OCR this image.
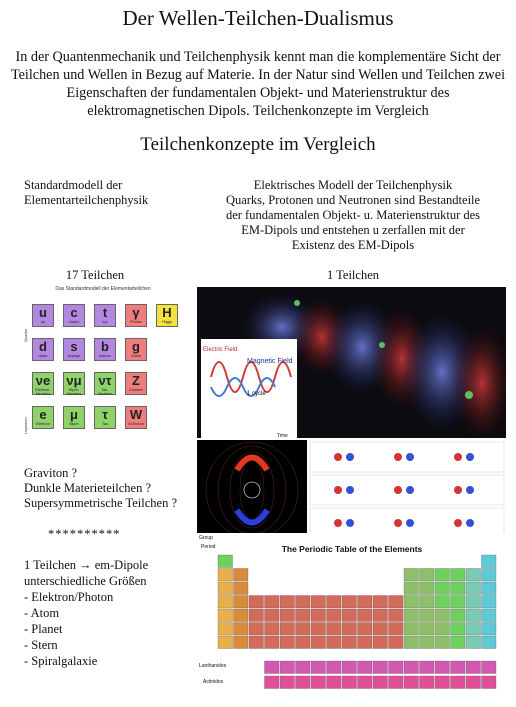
Der Wellen-Teilchen-Dualismus
In der Quantenmechanik und Teilchenphysik kennt man die komplementäre Sicht der Teilchen und Wellen in Bezug auf Materie. In der Natur sind Wellen und Teilchen zwei Eigenschaften der fundamentalen Objekt- und Materienstruktur des elektromagnetischen Dipols. Teilchenkonzepte im Vergleich
Teilchenkonzepte im Vergleich
Standardmodell der
Elementarteilchenphysik
Elektrisches Modell der Teilchenphysik
Quarks, Protonen und Neutronen sind Bestandteile
der fundamentalen Objekt- u. Materienstruktur des
EM-Dipols und entstehen u zerfallen mit der
Existenz des EM-Dipols
17 Teilchen	1 Teilchen
Das Standardmodell der Elementarteilchen
Quarks
Leptonen
u
up
c
charm
t
top
γ
Photon
H
Higgs
d
down
s
strange
b
bottom
g
Gluon
νe
Elektron-Neutrino
νμ
Myon-Neutrino
ντ
Tau-Neutrino
Z
Z-Boson
e
Elektron
μ
Myon
τ
Tau
W
W-Boson
Graviton ?
Dunkle Materieteilchen ?
Supersymmetrische Teilchen ?
**********
1 Teilchen → em-Dipole
unterschiedliche Größen
- Elektron/Photon
- Atom
- Planet
- Stern
- Spiralgalaxie
Electric Field
Magnetic Field
1 cycle
Time
Group
Period	The Periodic Table of the Elements
Lanthanides
Actinides
